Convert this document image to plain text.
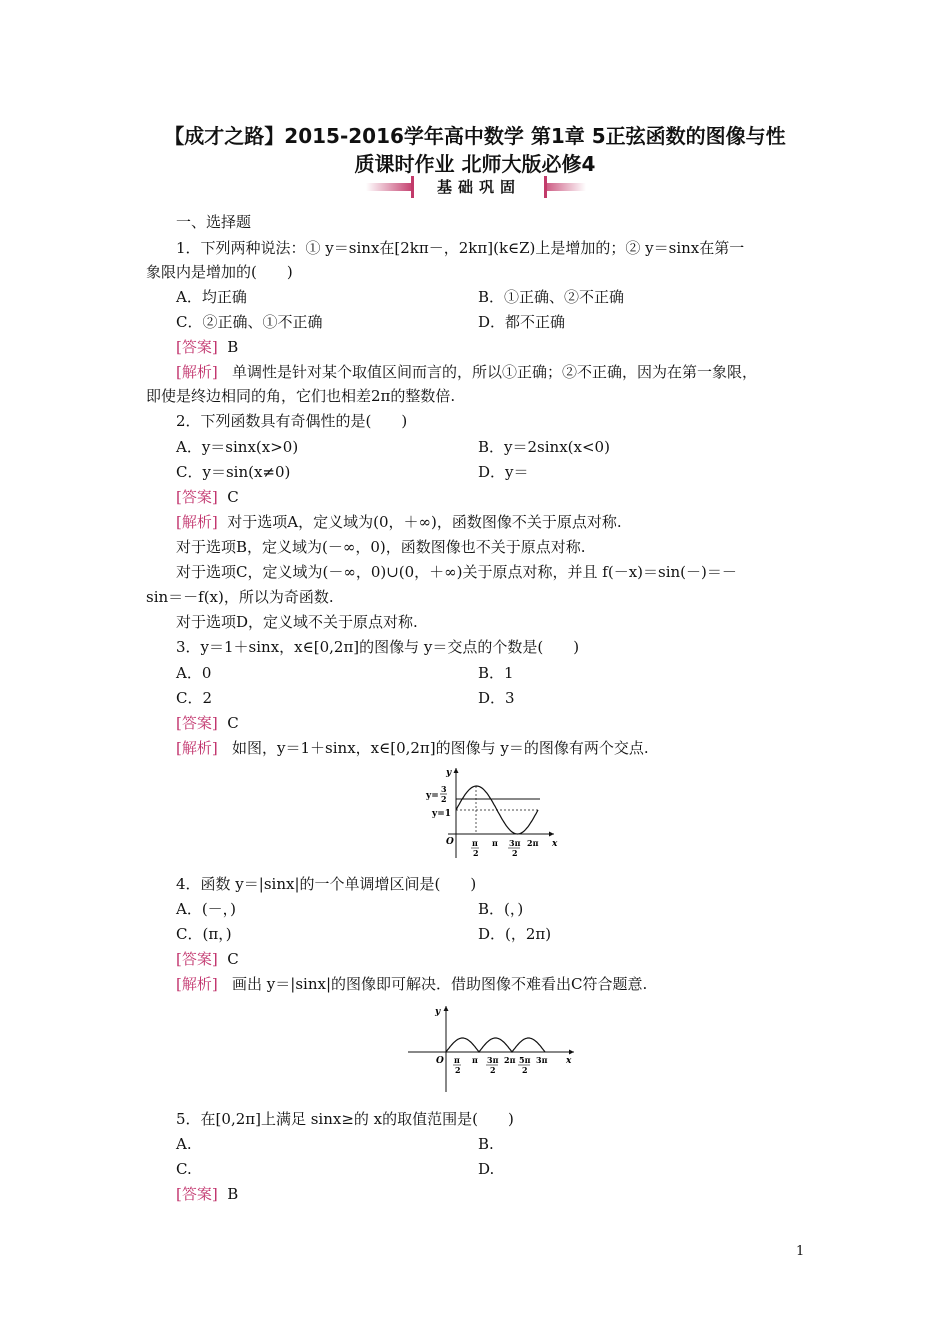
【成才之路】2015-2016学年高中数学 第1章 5正弦函数的图像与性
质课时作业 北师大版必修4
基础巩固
一、选择题
1．下列两种说法：① y＝sinx在[2kπ－，2kπ](k∈Z)上是增加的；② y＝sinx在第一
象限内是增加的(　　)
A．均正确	B．①正确、②不正确
C．②正确、①不正确	D．都不正确
[答案] B
[解析] 单调性是针对某个取值区间而言的，所以①正确；②不正确，因为在第一象限，
即使是终边相同的角，它们也相差2π的整数倍.
2．下列函数具有奇偶性的是(　　)
A．y＝sinx(x>0)	B．y＝2sinx(x<0)
C．y＝sin(x≠0)	D．y＝
[答案] C
[解析] 对于选项A，定义域为(0，＋∞)，函数图像不关于原点对称.
对于选项B，定义域为(－∞，0)，函数图像也不关于原点对称.
对于选项C，定义域为(－∞，0)∪(0，＋∞)关于原点对称，并且 f(－x)＝sin(－)＝－
sin＝－f(x)，所以为奇函数.
对于选项D，定义域不关于原点对称.
3．y＝1＋sinx，x∈[0,2π]的图像与 y＝交点的个数是(　　)
A．0	B．1
C．2	D．3
[答案] C
[解析] 如图，y＝1＋sinx，x∈[0,2π]的图像与 y＝的图像有两个交点.
y
x
O
y=
3
2
y=1
π
2
π 3π
2
2π
4．函数 y＝|sinx|的一个单调增区间是(　　)
A．(－，)	B．(，)
C．(π，)	D．(，2π)
[答案] C
[解析] 画出 y＝|sinx|的图像即可解决．借助图像不难看出C符合题意.
y
x
O π
2
π 3π
2
2π 5π
2
3π
5．在[0,2π]上满足 sinx≥的 x的取值范围是(　　)
A.	B.
C.	D.
[答案] B
1
